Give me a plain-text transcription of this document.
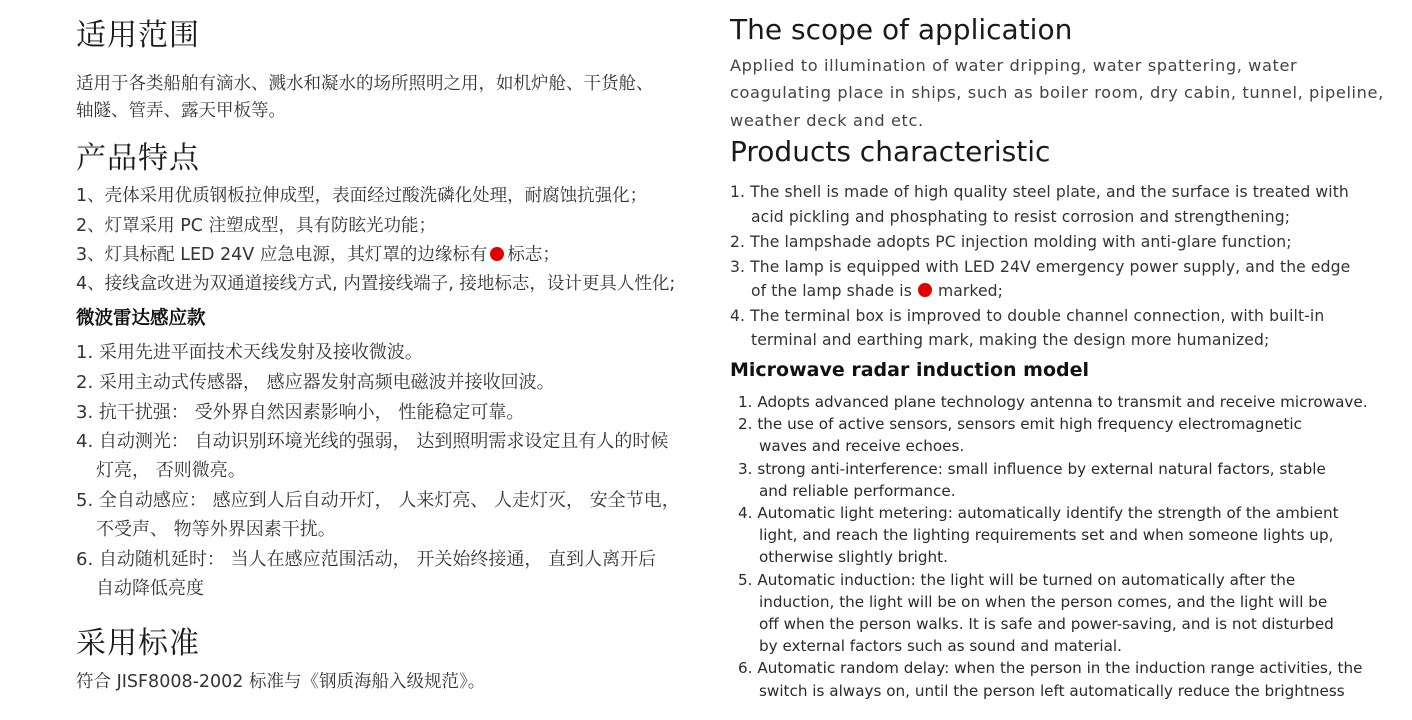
适用范围
适用于各类船舶有滴水、溅水和凝水的场所照明之用，如机炉舱、干货舱、
轴隧、管弄、露天甲板等。
产品特点
1、壳体采用优质钢板拉伸成型，表面经过酸洗磷化处理，耐腐蚀抗强化；
2、灯罩采用 PC 注塑成型，具有防眩光功能；
3、灯具标配 LED 24V 应急电源，其灯罩的边缘标有 标志；
4、接线盒改进为双通道接线方式, 内置接线端子, 接地标志，设计更具人性化;
微波雷达感应款
1. 采用先进平面技术天线发射及接收微波。
2. 采用主动式传感器， 感应器发射高频电磁波并接收回波。
3. 抗干扰强： 受外界自然因素影响小， 性能稳定可靠。
4. 自动测光： 自动识别环境光线的强弱， 达到照明需求设定且有人的时候
灯亮， 否则微亮。
5. 全自动感应： 感应到人后自动开灯， 人来灯亮、 人走灯灭， 安全节电，
不受声、 物等外界因素干扰。
6. 自动随机延时： 当人在感应范围活动， 开关始终接通， 直到人离开后
自动降低亮度
采用标准
符合 JISF8008-2002 标准与《钢质海船入级规范》。
The scope of application
Applied to illumination of water dripping, water spattering, water
coagulating place in ships, such as boiler room, dry cabin, tunnel, pipeline,
weather deck and etc.
Products characteristic
1. The shell is made of high quality steel plate, and the surface is treated with
acid pickling and phosphating to resist corrosion and strengthening;
2. The lampshade adopts PC injection molding with anti-glare function;
3. The lamp is equipped with LED 24V emergency power supply, and the edge
of the lamp shade is marked;
4. The terminal box is improved to double channel connection, with built-in
terminal and earthing mark, making the design more humanized;
Microwave radar induction model
1. Adopts advanced plane technology antenna to transmit and receive microwave.
2. the use of active sensors, sensors emit high frequency electromagnetic
waves and receive echoes.
3. strong anti-interference: small influence by external natural factors, stable
and reliable performance.
4. Automatic light metering: automatically identify the strength of the ambient
light, and reach the lighting requirements set and when someone lights up,
otherwise slightly bright.
5. Automatic induction: the light will be turned on automatically after the
induction, the light will be on when the person comes, and the light will be
off when the person walks. It is safe and power-saving, and is not disturbed
by external factors such as sound and material.
6. Automatic random delay: when the person in the induction range activities, the
switch is always on, until the person left automatically reduce the brightness
